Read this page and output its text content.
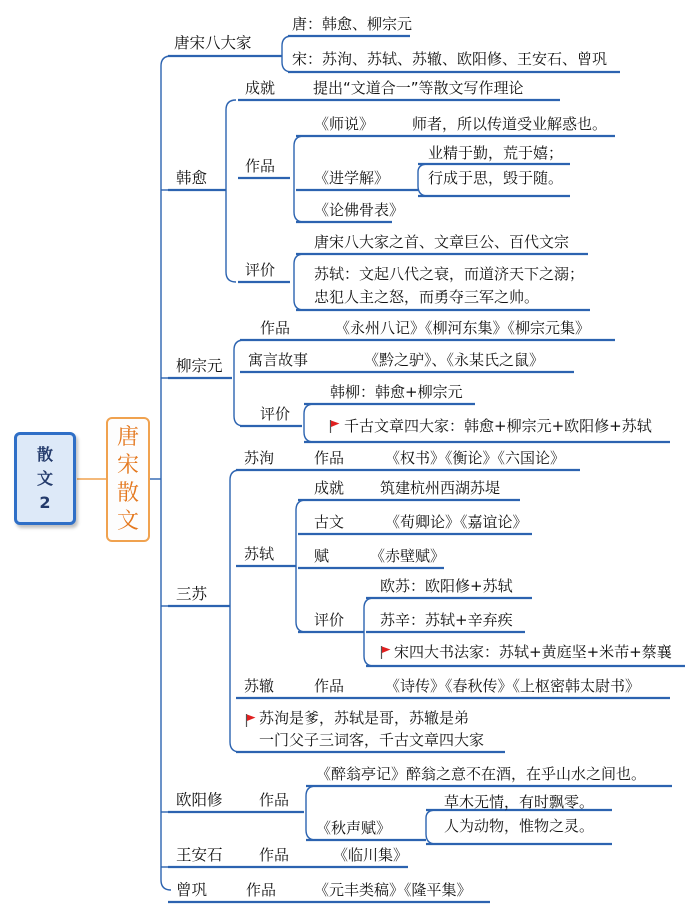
散
文
2
唐
宋
散
文
唐宋八大家
唐：韩愈、柳宗元
宋：苏洵、苏轼、苏辙、欧阳修、王安石、曾巩
韩愈
成就	提出“文道合一”等散文写作理论
作品
《师说》	师者，所以传道受业解惑也。
《进学解》
业精于勤，荒于嬉；
行成于思，毁于随。
《论佛骨表》
评价
唐宋八大家之首、文章巨公、百代文宗
苏轼：文起八代之衰，而道济天下之溺；
忠犯人主之怒，而勇夺三军之帅。
柳宗元
作品	《永州八记》《柳河东集》《柳宗元集》
寓言故事	《黔之驴》、《永某氏之鼠》
评价
韩柳：韩愈+柳宗元
千古文章四大家：韩愈+柳宗元+欧阳修+苏轼
三苏
苏洵	作品	《权书》《衡论》《六国论》
苏轼
成就 筑建杭州西湖苏堤
古文	《荀卿论》《嘉谊论》
赋	《赤壁赋》
评价
欧苏：欧阳修+苏轼
苏辛：苏轼+辛弃疾
宋四大书法家：苏轼+黄庭坚+米芾+蔡襄
苏辙	作品	《诗传》《春秋传》《上枢密韩太尉书》
苏洵是爹，苏轼是哥，苏辙是弟
一门父子三词客，千古文章四大家
欧阳修 作品
《醉翁亭记》醉翁之意不在酒，在乎山水之间也。
《秋声赋》
草木无情，有时飘零。
人为动物，惟物之灵。
王安石 作品	《临川集》
曾巩	作品	《元丰类稿》《隆平集》
